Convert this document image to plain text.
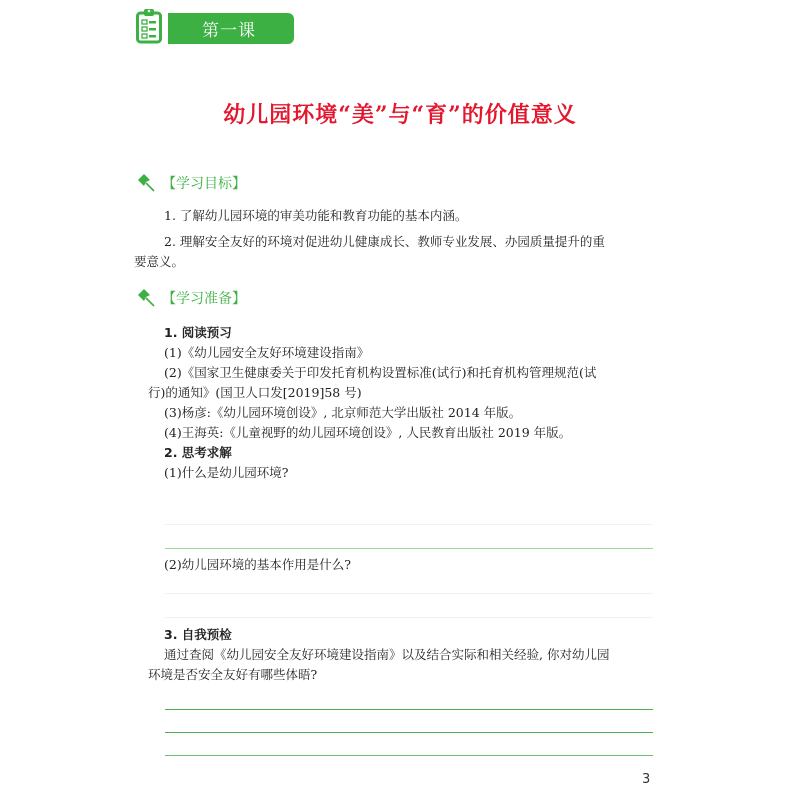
第一课
幼儿园环境“美”与“育”的价值意义
【学习目标】
1. 了解幼儿园环境的审美功能和教育功能的基本内涵。
2. 理解安全友好的环境对促进幼儿健康成长、教师专业发展、办园质量提升的重
要意义。
【学习准备】
1. 阅读预习
(1)《幼儿园安全友好环境建设指南》
(2)《国家卫生健康委关于印发托育机构设置标准(试行)和托育机构管理规范(试
行)的通知》(国卫人口发[2019]58 号)
(3)杨彦:《幼儿园环境创设》, 北京师范大学出版社 2014 年版。
(4)王海英:《儿童视野的幼儿园环境创设》, 人民教育出版社 2019 年版。
2. 思考求解
(1)什么是幼儿园环境?
(2)幼儿园环境的基本作用是什么?
3. 自我预检
通过查阅《幼儿园安全友好环境建设指南》以及结合实际和相关经验, 你对幼儿园
环境是否安全友好有哪些体晤?
3
